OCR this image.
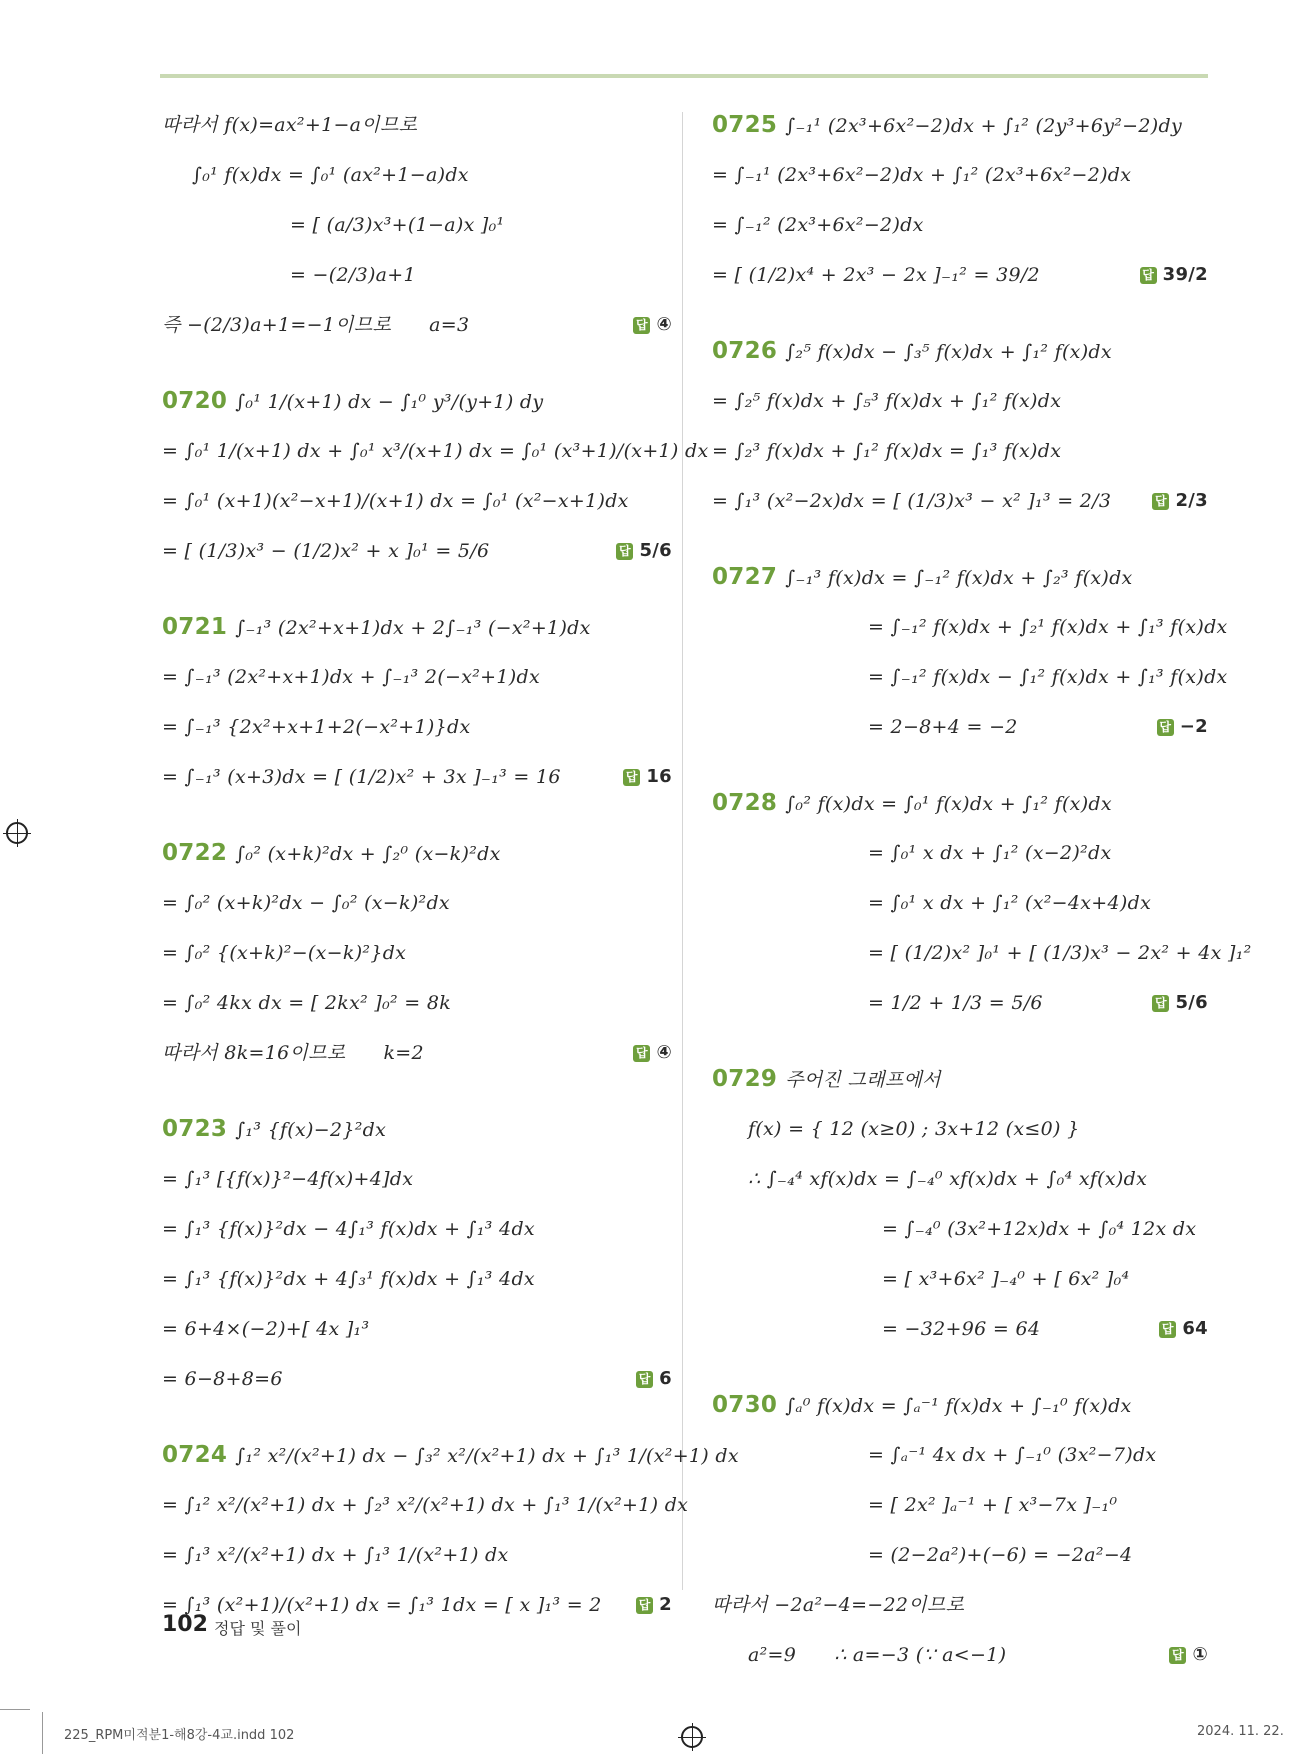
따라서 f(x)=ax²+1−a이므로
∫₀¹ f(x)dx = ∫₀¹ (ax²+1−a)dx
= [ (a/3)x³+(1−a)x ]₀¹
= −(2/3)a+1
즉 −(2/3)a+1=−1이므로      a=3	답 ④
0720 ∫₀¹ 1/(x+1) dx − ∫₁⁰ y³/(y+1) dy
= ∫₀¹ 1/(x+1) dx + ∫₀¹ x³/(x+1) dx = ∫₀¹ (x³+1)/(x+1) dx
= ∫₀¹ (x+1)(x²−x+1)/(x+1) dx = ∫₀¹ (x²−x+1)dx
= [ (1/3)x³ − (1/2)x² + x ]₀¹ = 5/6	답 5/6
0721 ∫₋₁³ (2x²+x+1)dx + 2∫₋₁³ (−x²+1)dx
= ∫₋₁³ (2x²+x+1)dx + ∫₋₁³ 2(−x²+1)dx
= ∫₋₁³ {2x²+x+1+2(−x²+1)}dx
= ∫₋₁³ (x+3)dx = [ (1/2)x² + 3x ]₋₁³ = 16	답 16
0722 ∫₀² (x+k)²dx + ∫₂⁰ (x−k)²dx
= ∫₀² (x+k)²dx − ∫₀² (x−k)²dx
= ∫₀² {(x+k)²−(x−k)²}dx
= ∫₀² 4kx dx = [ 2kx² ]₀² = 8k
따라서 8k=16이므로      k=2	답 ④
0723 ∫₁³ {f(x)−2}²dx
= ∫₁³ [{f(x)}²−4f(x)+4]dx
= ∫₁³ {f(x)}²dx − 4∫₁³ f(x)dx + ∫₁³ 4dx
= ∫₁³ {f(x)}²dx + 4∫₃¹ f(x)dx + ∫₁³ 4dx
= 6+4×(−2)+[ 4x ]₁³
= 6−8+8=6	답 6
0724 ∫₁² x²/(x²+1) dx − ∫₃² x²/(x²+1) dx + ∫₁³ 1/(x²+1) dx
= ∫₁² x²/(x²+1) dx + ∫₂³ x²/(x²+1) dx + ∫₁³ 1/(x²+1) dx
= ∫₁³ x²/(x²+1) dx + ∫₁³ 1/(x²+1) dx
= ∫₁³ (x²+1)/(x²+1) dx = ∫₁³ 1dx = [ x ]₁³ = 2	답 2
0725 ∫₋₁¹ (2x³+6x²−2)dx + ∫₁² (2y³+6y²−2)dy
= ∫₋₁¹ (2x³+6x²−2)dx + ∫₁² (2x³+6x²−2)dx
= ∫₋₁² (2x³+6x²−2)dx
= [ (1/2)x⁴ + 2x³ − 2x ]₋₁² = 39/2	답 39/2
0726 ∫₂⁵ f(x)dx − ∫₃⁵ f(x)dx + ∫₁² f(x)dx
= ∫₂⁵ f(x)dx + ∫₅³ f(x)dx + ∫₁² f(x)dx
= ∫₂³ f(x)dx + ∫₁² f(x)dx = ∫₁³ f(x)dx
= ∫₁³ (x²−2x)dx = [ (1/3)x³ − x² ]₁³ = 2/3	답 2/3
0727 ∫₋₁³ f(x)dx = ∫₋₁² f(x)dx + ∫₂³ f(x)dx
= ∫₋₁² f(x)dx + ∫₂¹ f(x)dx + ∫₁³ f(x)dx
= ∫₋₁² f(x)dx − ∫₁² f(x)dx + ∫₁³ f(x)dx
= 2−8+4 = −2	답 −2
0728 ∫₀² f(x)dx = ∫₀¹ f(x)dx + ∫₁² f(x)dx
= ∫₀¹ x dx + ∫₁² (x−2)²dx
= ∫₀¹ x dx + ∫₁² (x²−4x+4)dx
= [ (1/2)x² ]₀¹ + [ (1/3)x³ − 2x² + 4x ]₁²
= 1/2 + 1/3 = 5/6	답 5/6
0729 주어진 그래프에서
f(x) = { 12 (x≥0) ; 3x+12 (x≤0) }
∴ ∫₋₄⁴ xf(x)dx = ∫₋₄⁰ xf(x)dx + ∫₀⁴ xf(x)dx
= ∫₋₄⁰ (3x²+12x)dx + ∫₀⁴ 12x dx
= [ x³+6x² ]₋₄⁰ + [ 6x² ]₀⁴
= −32+96 = 64	답 64
0730 ∫ₐ⁰ f(x)dx = ∫ₐ⁻¹ f(x)dx + ∫₋₁⁰ f(x)dx
= ∫ₐ⁻¹ 4x dx + ∫₋₁⁰ (3x²−7)dx
= [ 2x² ]ₐ⁻¹ + [ x³−7x ]₋₁⁰
= (2−2a²)+(−6) = −2a²−4
따라서 −2a²−4=−22이므로
a²=9      ∴ a=−3 (∵ a<−1)	답 ①
102 정답 및 풀이
225_RPM미적분1-해8강-4교.indd 102	2024. 11. 22.
